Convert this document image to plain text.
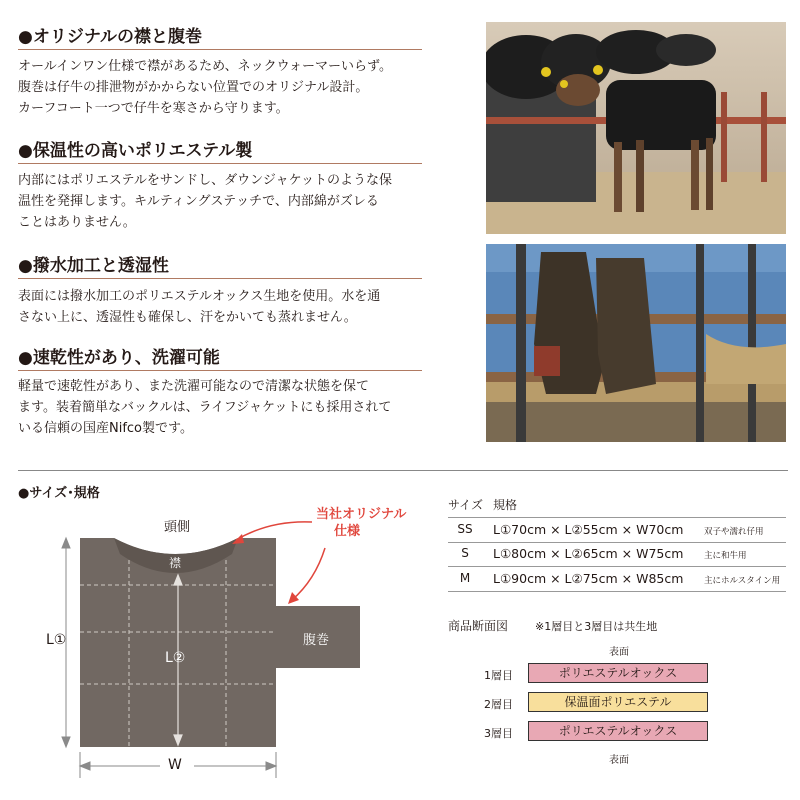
●オリジナルの襟と腹巻
オールインワン仕様で襟があるため、ネックウォーマーいらず。
腹巻は仔牛の排泄物がかからない位置でのオリジナル設計。
カーフコート一つで仔牛を寒さから守ります。
●保温性の高いポリエステル製
内部にはポリエステルをサンドし、ダウンジャケットのような保
温性を発揮します。キルティングステッチで、内部綿がズレる
ことはありません。
●撥水加工と透湿性
表面には撥水加工のポリエステルオックス生地を使用。水を通
さない上に、透湿性も確保し、汗をかいても蒸れません。
●速乾性があり、洗濯可能
軽量で速乾性があり、また洗濯可能なので清潔な状態を保て
ます。装着簡単なバックルは、ライフジャケットにも採用されて
いる信頼の国産Nifco製です。
●サイズ･規格
頭側
襟
腹巻
L①
L②
W
当社オリジナル
仕様
サイズ 規格
SS	L①70cm × L②55cm × W70cm 双子や濡れ仔用
S	L①80cm × L②65cm × W75cm 主に和牛用
M	L①90cm × L②75cm × W85cm 主にホルスタイン用
商品断面図 ※1層目と3層目は共生地
表面
1層目	ポリエステルオックス
2層目	保温面ポリエステル
3層目	ポリエステルオックス
表面
